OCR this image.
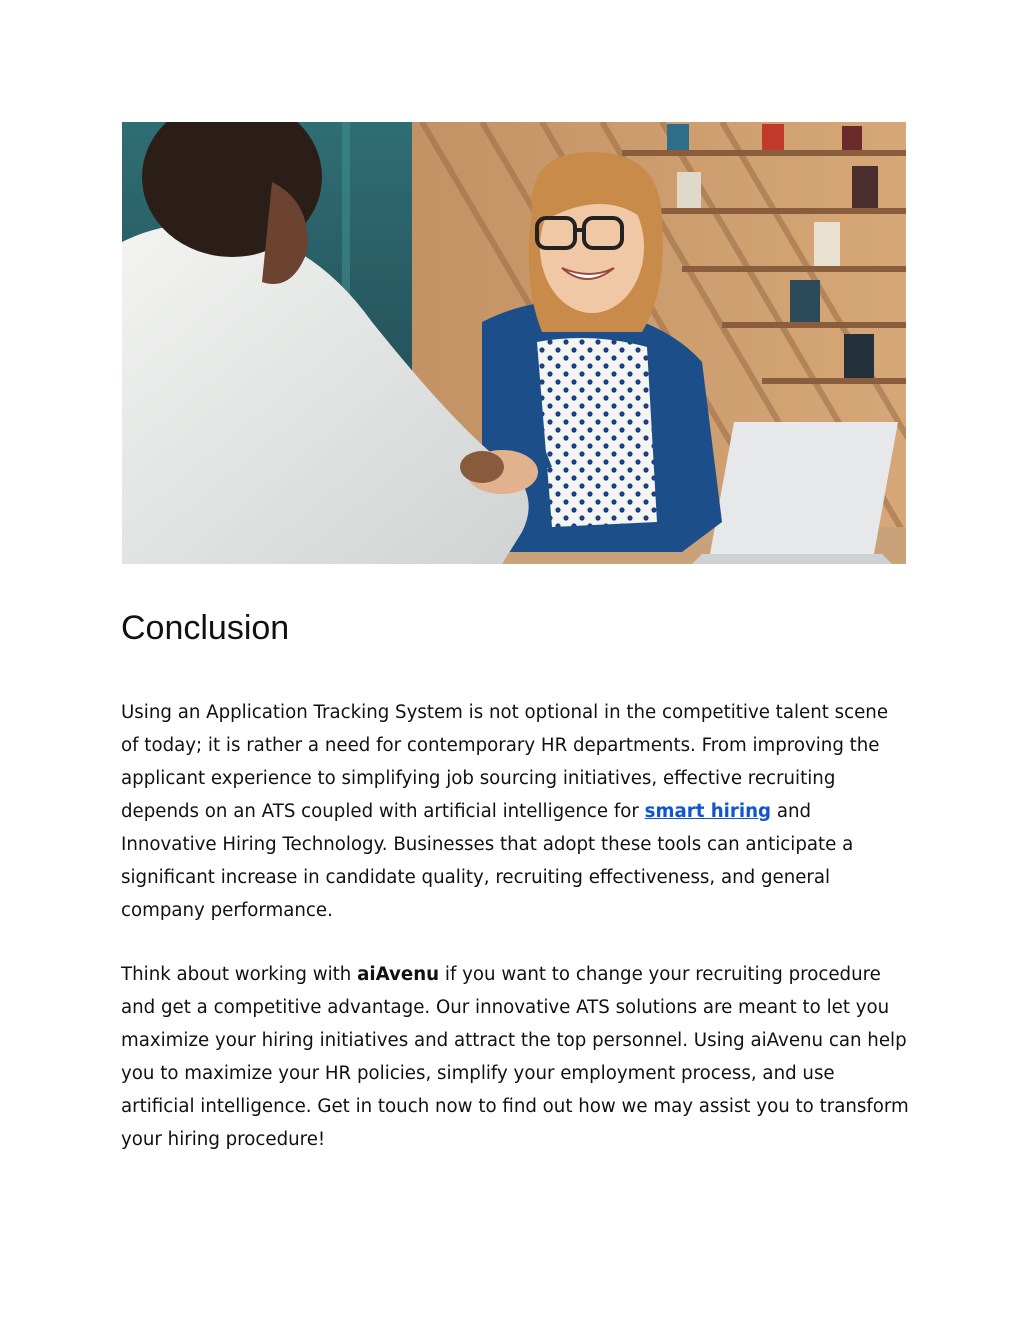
Conclusion

Using an Application Tracking System is not optional in the competitive talent scene of today; it is rather a need for contemporary HR departments. From improving the applicant experience to simplifying job sourcing initiatives, effective recruiting depends on an ATS coupled with artificial intelligence for smart hiring and Innovative Hiring Technology. Businesses that adopt these tools can anticipate a significant increase in candidate quality, recruiting effectiveness, and general company performance.

Think about working with aiAvenu if you want to change your recruiting procedure and get a competitive advantage. Our innovative ATS solutions are meant to let you maximize your hiring initiatives and attract the top personnel. Using aiAvenu can help you to maximize your HR policies, simplify your employment process, and use artificial intelligence. Get in touch now to find out how we may assist you to transform your hiring procedure!
